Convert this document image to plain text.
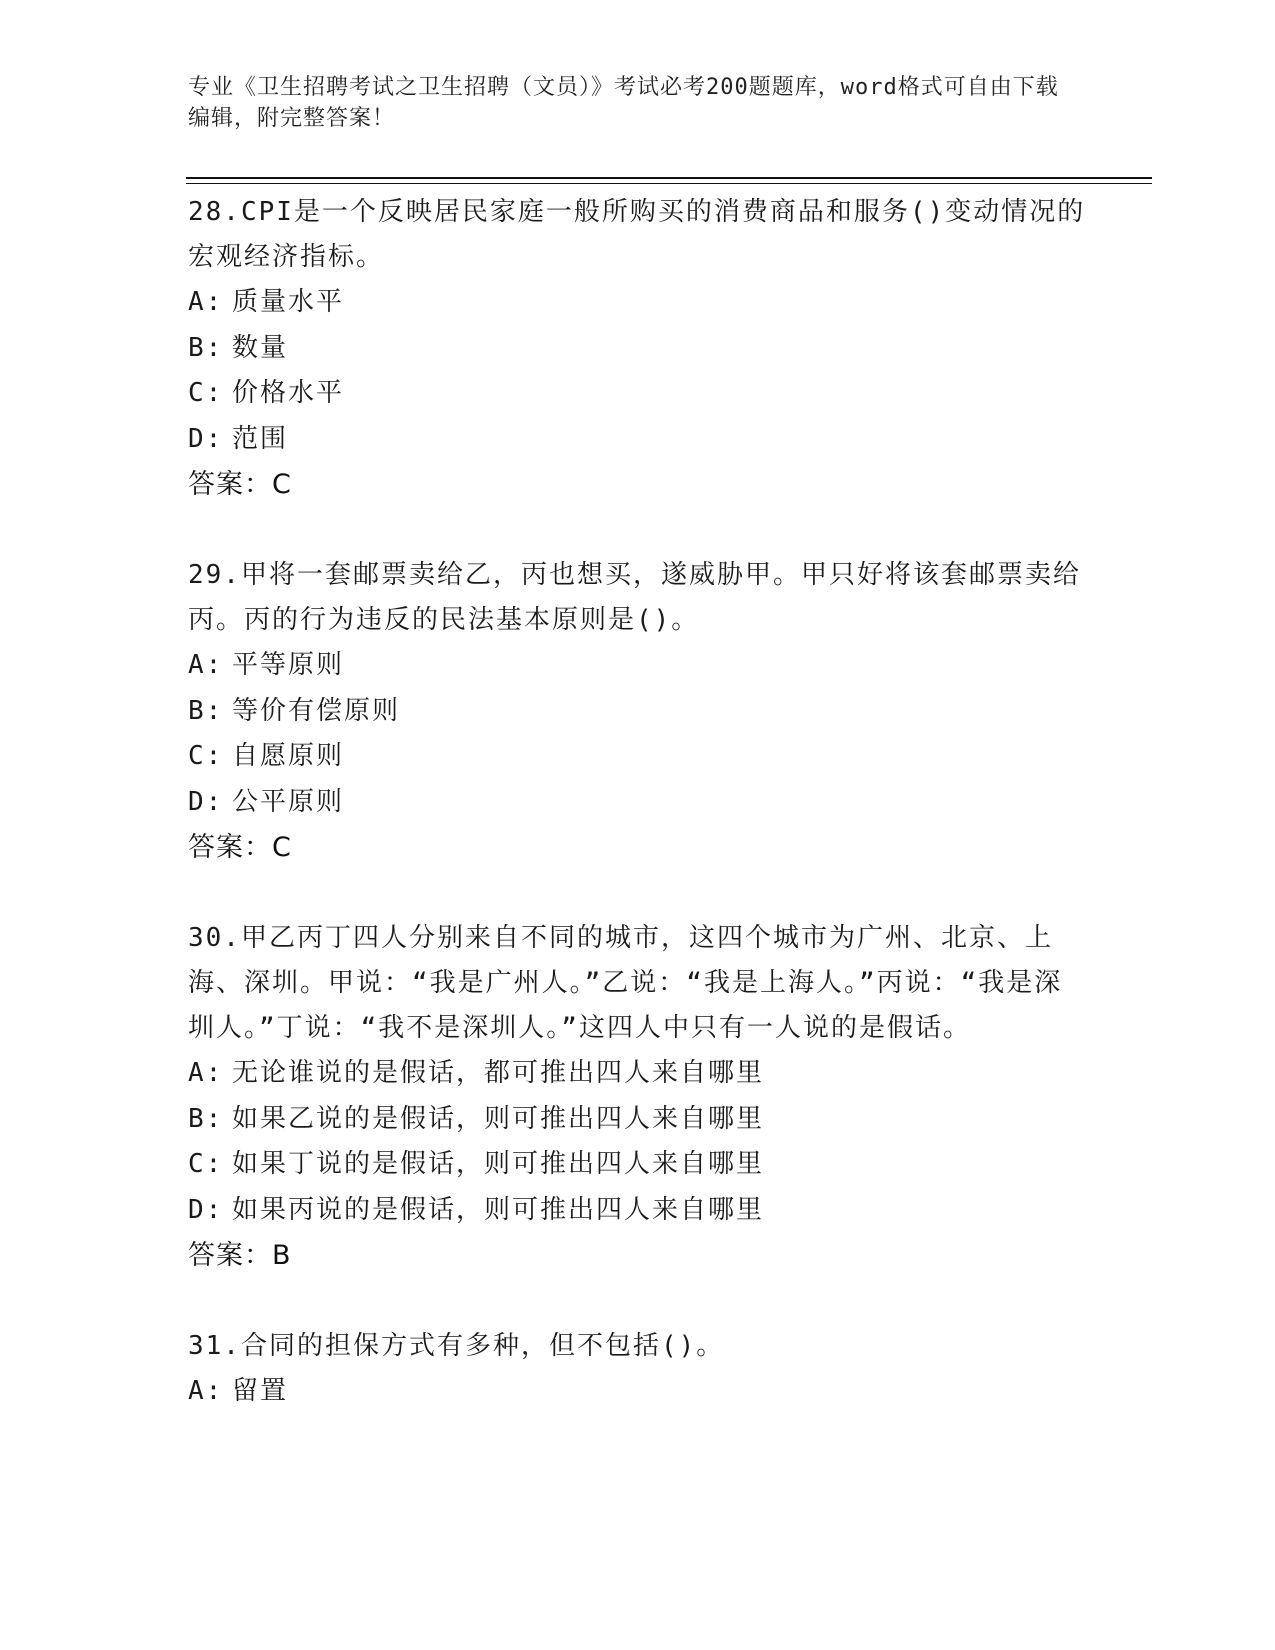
专业《卫生招聘考试之卫生招聘（文员）》考试必考200题题库，word格式可自由下载编辑，附完整答案！

28.CPI是一个反映居民家庭一般所购买的消费商品和服务()变动情况的宏观经济指标。

A: 质量水平
B: 数量
C: 价格水平
D: 范围
答案：C

29.甲将一套邮票卖给乙，丙也想买，遂威胁甲。甲只好将该套邮票卖给丙。丙的行为违反的民法基本原则是()。

A: 平等原则
B: 等价有偿原则
C: 自愿原则
D: 公平原则
答案：C

30.甲乙丙丁四人分别来自不同的城市，这四个城市为广州、北京、上海、深圳。甲说：“我是广州人。”乙说：“我是上海人。”丙说：“我是深圳人。”丁说：“我不是深圳人。”这四人中只有一人说的是假话。

A: 无论谁说的是假话，都可推出四人来自哪里
B: 如果乙说的是假话，则可推出四人来自哪里
C: 如果丁说的是假话，则可推出四人来自哪里
D: 如果丙说的是假话，则可推出四人来自哪里
答案：B

31.合同的担保方式有多种，但不包括()。

A: 留置
